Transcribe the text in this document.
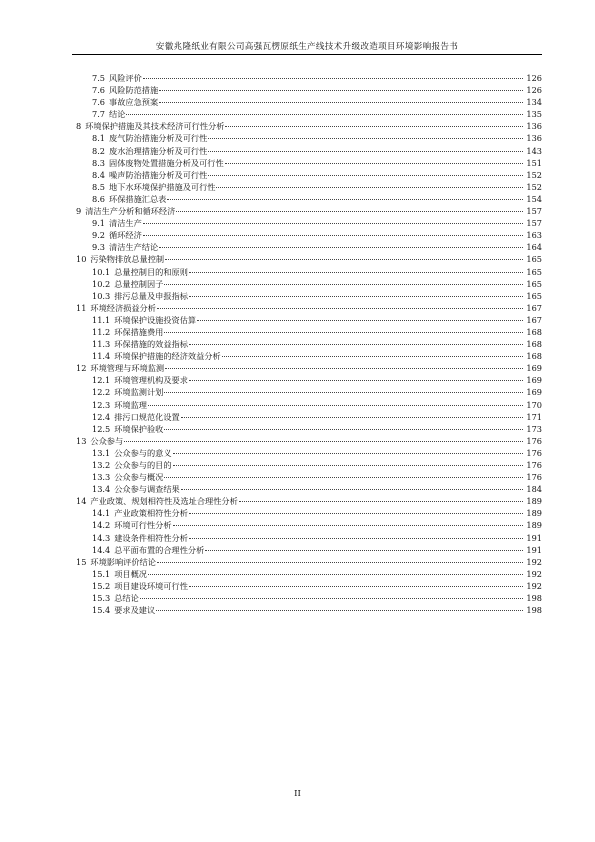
安徽兆隆纸业有限公司高强瓦楞原纸生产线技术升级改造项目环境影响报告书
7.5 风险评价	126
7.6 风险防范措施	126
7.6 事故应急预案	134
7.7 结论	135
8 环境保护措施及其技术经济可行性分析	136
8.1 废气防治措施分析及可行性	136
8.2 废水治理措施分析及可行性	143
8.3 固体废物处置措施分析及可行性	151
8.4 噪声防治措施分析及可行性	152
8.5 地下水环境保护措施及可行性	152
8.6 环保措施汇总表	154
9 清洁生产分析和循环经济	157
9.1 清洁生产	157
9.2 循环经济	163
9.3 清洁生产结论	164
10 污染物排放总量控制	165
10.1 总量控制目的和原则	165
10.2 总量控制因子	165
10.3 排污总量及申报指标	165
11 环境经济损益分析	167
11.1 环境保护设施投资估算	167
11.2 环保措施费用	168
11.3 环保措施的效益指标	168
11.4 环境保护措施的经济效益分析	168
12 环境管理与环境监测	169
12.1 环境管理机构及要求	169
12.2 环境监测计划	169
12.3 环境监理	170
12.4 排污口规范化设置	171
12.5 环境保护验收	173
13 公众参与	176
13.1 公众参与的意义	176
13.2 公众参与的目的	176
13.3 公众参与概况	176
13.4 公众参与调查结果	184
14 产业政策、规划相符性及选址合理性分析	189
14.1 产业政策相符性分析	189
14.2 环境可行性分析	189
14.3 建设条件相符性分析	191
14.4 总平面布置的合理性分析	191
15 环境影响评价结论	192
15.1 项目概况	192
15.2 项目建设环境可行性	192
15.3 总结论	198
15.4 要求及建议	198
II
